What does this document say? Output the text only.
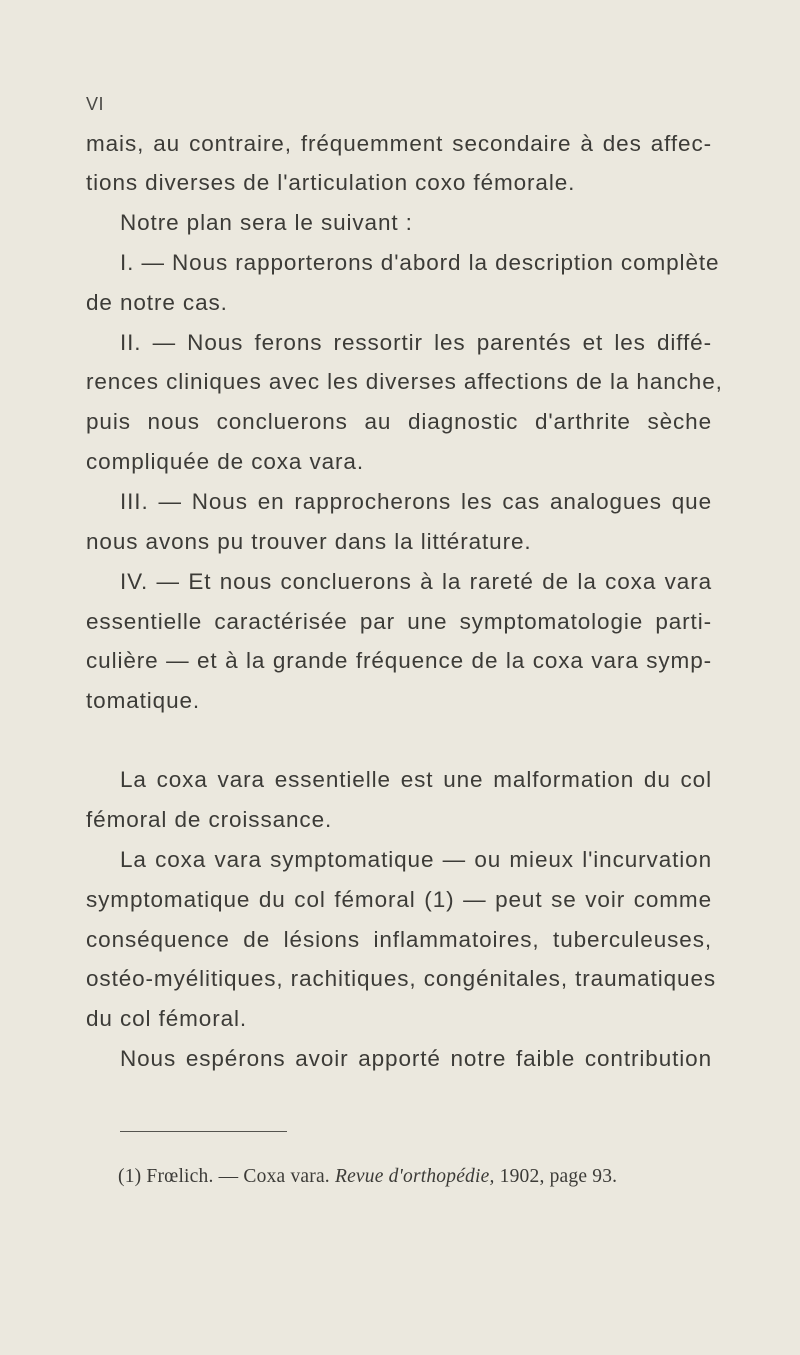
VI
mais, au contraire, fréquemment secondaire à des affec-
tions diverses de l'articulation coxo fémorale.
Notre plan sera le suivant :
I. — Nous rapporterons d'abord la description complète
de notre cas.
II. — Nous ferons ressortir les parentés et les diffé-
rences cliniques avec les diverses affections de la hanche,
puis nous concluerons au diagnostic d'arthrite sèche
compliquée de coxa vara.
III. — Nous en rapprocherons les cas analogues que
nous avons pu trouver dans la littérature.
IV. — Et nous concluerons à la rareté de la coxa vara
essentielle caractérisée par une symptomatologie parti-
culière — et à la grande fréquence de la coxa vara symp-
tomatique.
La coxa vara essentielle est une malformation du col
fémoral de croissance.
La coxa vara symptomatique — ou mieux l'incurvation
symptomatique du col fémoral (1) — peut se voir comme
conséquence de lésions inflammatoires, tuberculeuses,
ostéo-myélitiques, rachitiques, congénitales, traumatiques
du col fémoral.
Nous espérons avoir apporté notre faible contribution
(1) Frœlich. — Coxa vara. Revue d'orthopédie, 1902, page 93.
